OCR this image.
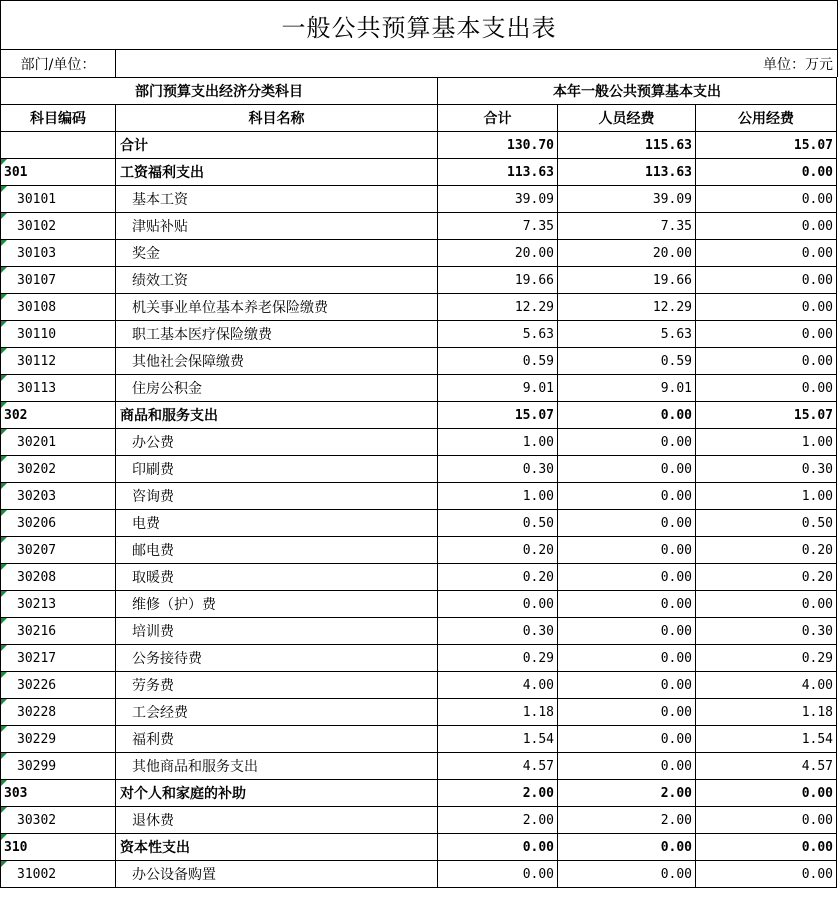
一般公共预算基本支出表
部门/单位：	单位：万元
部门预算支出经济分类科目		本年一般公共预算基本支出		
科目编码	科目名称	合计	人员经费	公用经费
	合计	130.70	115.63	15.07

301	工资福利支出	113.63	113.63	0.00

30101	基本工资	39.09	39.09	0.00

30102	津贴补贴	7.35	7.35	0.00

30103	奖金	20.00	20.00	0.00

30107	绩效工资	19.66	19.66	0.00

30108	机关事业单位基本养老保险缴费	12.29	12.29	0.00

30110	职工基本医疗保险缴费	5.63	5.63	0.00

30112	其他社会保障缴费	0.59	0.59	0.00

30113	住房公积金	9.01	9.01	0.00

302	商品和服务支出	15.07	0.00	15.07

30201	办公费	1.00	0.00	1.00

30202	印刷费	0.30	0.00	0.30

30203	咨询费	1.00	0.00	1.00

30206	电费	0.50	0.00	0.50

30207	邮电费	0.20	0.00	0.20

30208	取暖费	0.20	0.00	0.20

30213	维修（护）费	0.00	0.00	0.00

30216	培训费	0.30	0.00	0.30

30217	公务接待费	0.29	0.00	0.29

30226	劳务费	4.00	0.00	4.00

30228	工会经费	1.18	0.00	1.18

30229	福利费	1.54	0.00	1.54

30299	其他商品和服务支出	4.57	0.00	4.57

303	对个人和家庭的补助	2.00	2.00	0.00

30302	退休费	2.00	2.00	0.00

310	资本性支出	0.00	0.00	0.00

31002	办公设备购置	0.00	0.00	0.00
